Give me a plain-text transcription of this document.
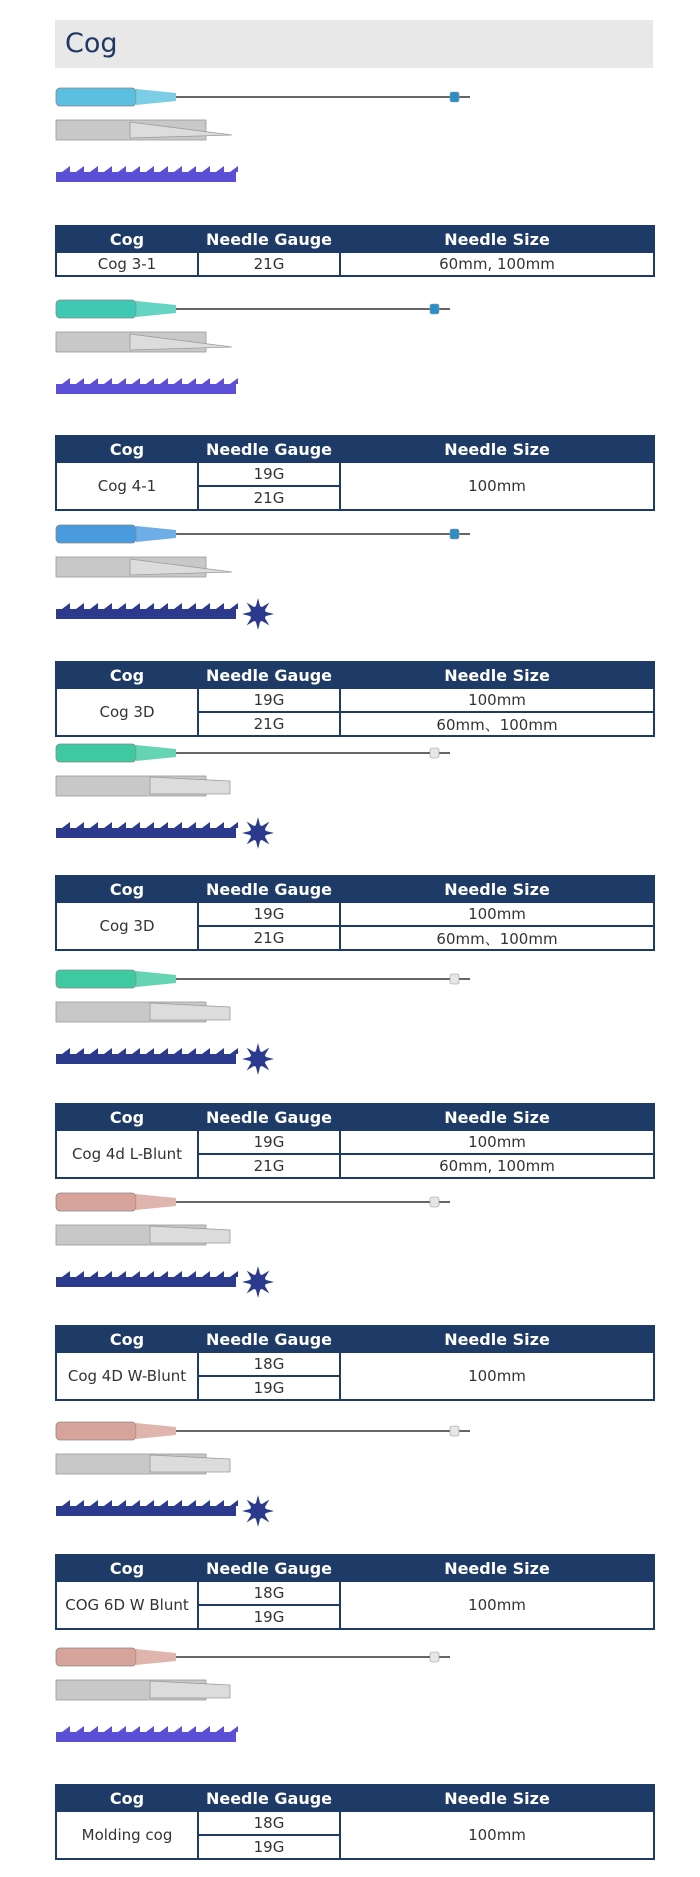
Cog
Cog	Needle Gauge	Needle Size
Cog 3-1	21G	60mm, 100mm
Cog	Needle Gauge	Needle Size
Cog 4-1	19G	100mm
	21G	
Cog	Needle Gauge	Needle Size
Cog 3D	19G	100mm
	21G	60mm、100mm
Cog	Needle Gauge	Needle Size
Cog 3D	19G	100mm
	21G	60mm、100mm
Cog	Needle Gauge	Needle Size
Cog 4d L-Blunt	19G	100mm
	21G	60mm, 100mm
Cog	Needle Gauge	Needle Size
Cog 4D W-Blunt	18G	100mm
	19G	
Cog	Needle Gauge	Needle Size
COG 6D W Blunt	18G	100mm
	19G	
Cog	Needle Gauge	Needle Size
Molding cog	18G	100mm
	19G	
